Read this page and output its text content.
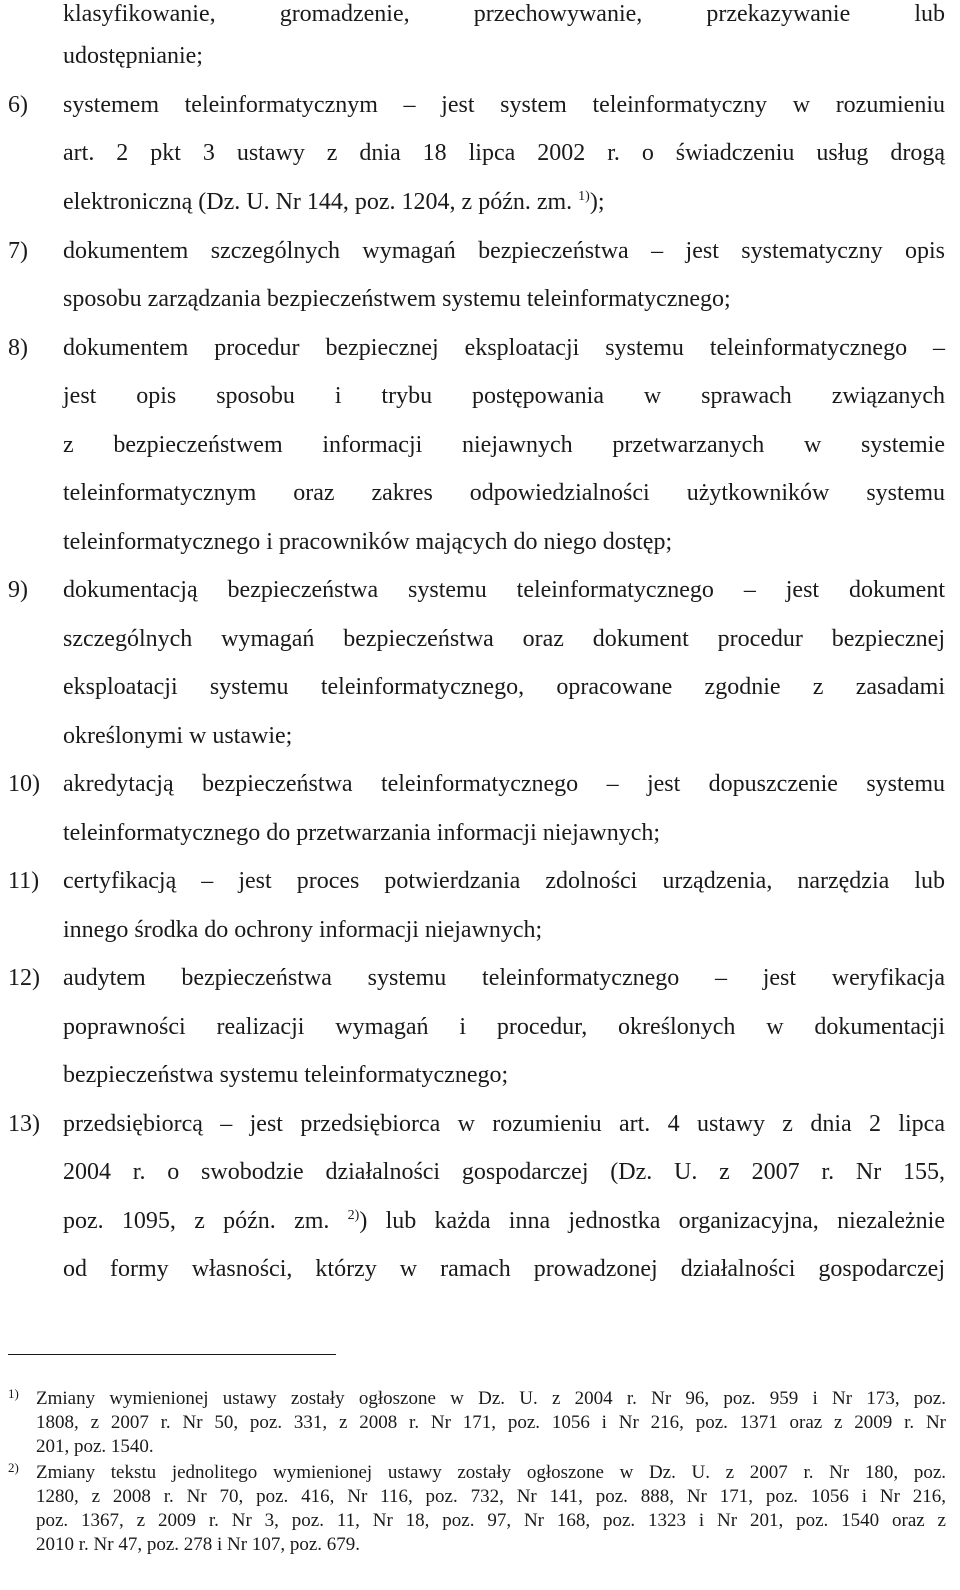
klasyfikowanie, gromadzenie, przechowywanie, przekazywanie lub
udostępnianie;
6) systemem teleinformatycznym – jest system teleinformatyczny w rozumieniu
art. 2 pkt 3 ustawy z dnia 18 lipca 2002 r. o świadczeniu usług drogą
elektroniczną (Dz. U. Nr 144, poz. 1204, z późn. zm. $^{1)}$);
7) dokumentem szczególnych wymagań bezpieczeństwa – jest systematyczny opis
sposobu zarządzania bezpieczeństwem systemu teleinformatycznego;
8) dokumentem procedur bezpiecznej eksploatacji systemu teleinformatycznego –
jest opis sposobu i trybu postępowania w sprawach związanych
z bezpieczeństwem informacji niejawnych przetwarzanych w systemie
teleinformatycznym oraz zakres odpowiedzialności użytkowników systemu
teleinformatycznego i pracowników mających do niego dostęp;
9) dokumentacją bezpieczeństwa systemu teleinformatycznego – jest dokument
szczególnych wymagań bezpieczeństwa oraz dokument procedur bezpiecznej
eksploatacji systemu teleinformatycznego, opracowane zgodnie z zasadami
określonymi w ustawie;
10) akredytacją bezpieczeństwa teleinformatycznego – jest dopuszczenie systemu
teleinformatycznego do przetwarzania informacji niejawnych;
11) certyfikacją – jest proces potwierdzania zdolności urządzenia, narzędzia lub
innego środka do ochrony informacji niejawnych;
12) audytem bezpieczeństwa systemu teleinformatycznego – jest weryfikacja
poprawności realizacji wymagań i procedur, określonych w dokumentacji
bezpieczeństwa systemu teleinformatycznego;
13) przedsiębiorcą – jest przedsiębiorca w rozumieniu art. 4 ustawy z dnia 2 lipca
2004 r. o swobodzie działalności gospodarczej (Dz. U. z 2007 r. Nr 155,
poz. 1095, z późn. zm. $^{2)}$) lub każda inna jednostka organizacyjna, niezależnie
od formy własności, którzy w ramach prowadzonej działalności gospodarczej
1) Zmiany wymienionej ustawy zostały ogłoszone w Dz. U. z 2004 r. Nr 96, poz. 959 i Nr 173, poz.
1808, z 2007 r. Nr 50, poz. 331, z 2008 r. Nr 171, poz. 1056 i Nr 216, poz. 1371 oraz z 2009 r. Nr
201, poz. 1540.
2) Zmiany tekstu jednolitego wymienionej ustawy zostały ogłoszone w Dz. U. z 2007 r. Nr 180, poz.
1280, z 2008 r. Nr 70, poz. 416, Nr 116, poz. 732, Nr 141, poz. 888, Nr 171, poz. 1056 i Nr 216,
poz. 1367, z 2009 r. Nr 3, poz. 11, Nr 18, poz. 97, Nr 168, poz. 1323 i Nr 201, poz. 1540 oraz z
2010 r. Nr 47, poz. 278 i Nr 107, poz. 679.
